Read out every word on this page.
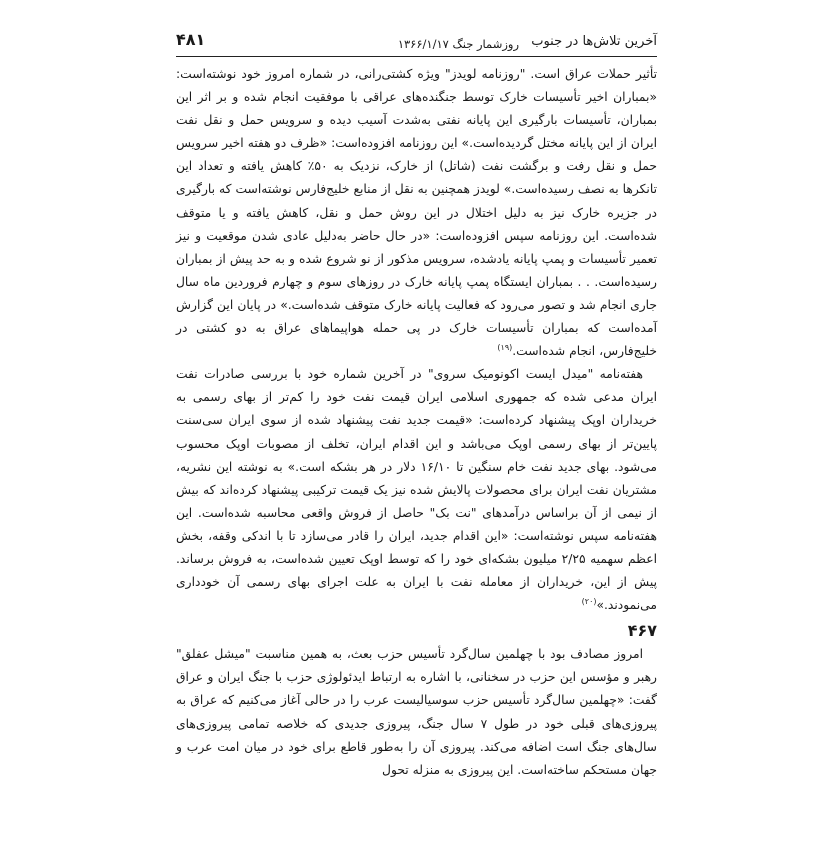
آخرین تلاش‌ها در جنوب
روزشمار جنگ ۱۳۶۶/۱/۱۷
۴۸۱

تأثیر حملات عراق است. "روزنامه لویدز" ویژه کشتی‌رانی، در شماره امروز خود نوشته‌است: «بمباران اخیر تأسیسات خارک توسط جنگنده‌های عراقی با موفقیت انجام شده و بر اثر این بمباران، تأسیسات بارگیری این پایانه نفتی به‌شدت آسیب دیده و سرویس حمل و نقل نفت ایران از این پایانه مختل گردیده‌است.» این روزنامه افزوده‌است: «ظرف دو هفته اخیر سرویس حمل و نقل رفت و برگشت نفت (شاتل) از خارک، نزدیک به ۵۰٪ کاهش یافته و تعداد این تانکرها به نصف رسیده‌است.» لویدز همچنین به نقل از منابع خلیج‌فارس نوشته‌است که بارگیری در جزیره خارک نیز به دلیل اختلال در این روش حمل و نقل، کاهش یافته و یا متوقف شده‌است. این روزنامه سپس افزوده‌است: «در حال حاضر به‌دلیل عادی شدن موقعیت و نیز تعمیر تأسیسات و پمپ پایانه یادشده، سرویس مذکور از نو شروع شده و به حد پیش از بمباران رسیده‌است. . . بمباران ایستگاه پمپ پایانه خارک در روزهای سوم و چهارم فروردین ماه سال جاری انجام شد و تصور می‌رود که فعالیت پایانه خارک متوقف شده‌است.» در پایان این گزارش آمده‌است که بمباران تأسیسات خارک در پی حمله هواپیماهای عراق به دو کشتی در خلیج‌فارس، انجام شده‌است.$^{(۱۹)}$

هفته‌نامه "میدل ایست اکونومیک سروی" در آخرین شماره خود با بررسی صادرات نفت ایران مدعی شده که جمهوری اسلامی ایران قیمت نفت خود را کم‌تر از بهای رسمی به خریداران اوپک پیشنهاد کرده‌است: «قیمت جدید نفت پیشنهاد شده از سوی ایران سی‌سنت پایین‌تر از بهای رسمی اوپک می‌باشد و این اقدام ایران، تخلف از مصوبات اوپک محسوب می‌شود. بهای جدید نفت خام سنگین تا ۱۶/۱۰ دلار در هر بشکه است.» به نوشته این نشریه، مشتریان نفت ایران برای محصولات پالایش شده نیز یک قیمت ترکیبی پیشنهاد کرده‌اند که بیش از نیمی از آن براساس درآمدهای "نت بک" حاصل از فروش واقعی محاسبه شده‌است. این هفته‌نامه سپس نوشته‌است: «این اقدام جدید، ایران را قادر می‌سازد تا با اندکی وقفه، بخش اعظم سهمیه ۲/۲۵ میلیون بشکه‌ای خود را که توسط اوپک تعیین شده‌است، به فروش برساند. پیش از این، خریداران از معامله نفت با ایران به علت اجرای بهای رسمی آن خودداری می‌نمودند.»$^{(۲۰)}$

۴۶۷

امروز مصادف بود با چهلمین سال‌گرد تأسیس حزب بعث، به همین مناسبت "میشل عفلق" رهبر و مؤسس این حزب در سخنانی، با اشاره به ارتباط ایدئولوژی حزب با جنگ ایران و عراق گفت: «چهلمین سال‌گرد تأسیس حزب سوسیالیست عرب را در حالی آغاز می‌کنیم که عراق به پیروزی‌های قبلی خود در طول ۷ سال جنگ، پیروزی جدیدی که خلاصه تمامی پیروزی‌های سال‌های جنگ است اضافه می‌کند. پیروزی آن را به‌طور قاطع برای خود در میان امت عرب و جهان مستحکم ساخته‌است. این پیروزی به منزله تحول
